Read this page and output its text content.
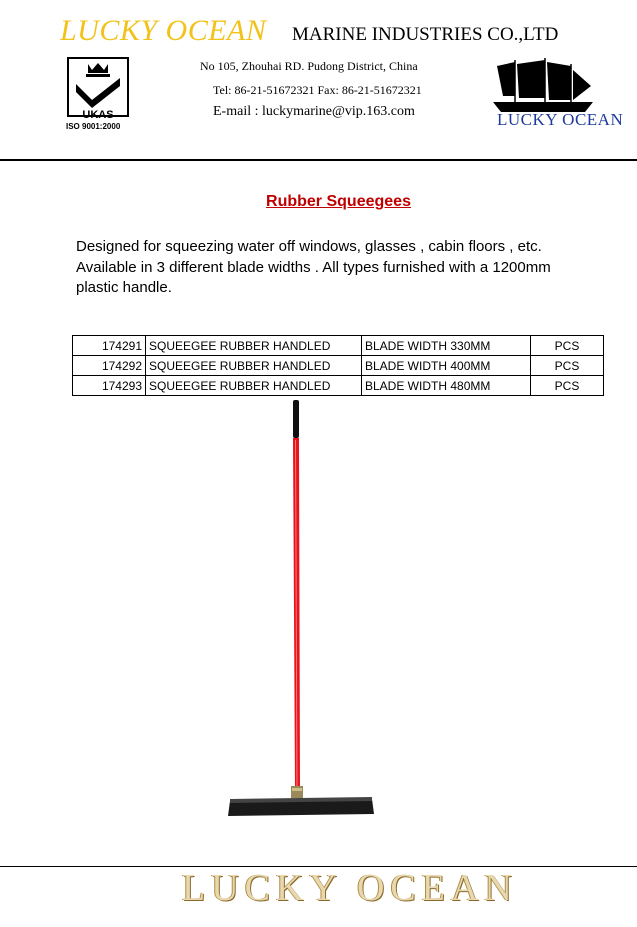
LUCKY OCEAN MARINE INDUSTRIES CO.,LTD
No 105, Zhouhai RD. Pudong District, China
Tel: 86-21-51672321 Fax: 86-21-51672321
E-mail : luckymarine@vip.163.com
UKAS
ISO 9001:2000	LUCKY OCEAN
Rubber Squeegees
Designed for squeezing water off windows, glasses , cabin floors , etc.
Available in 3 different blade widths . All types furnished with a 1200mm
plastic handle.
174291	SQUEEGEE RUBBER HANDLED	BLADE WIDTH 330MM	PCS
174292	SQUEEGEE RUBBER HANDLED	BLADE WIDTH 400MM	PCS
174293	SQUEEGEE RUBBER HANDLED	BLADE WIDTH 480MM	PCS
LUCKY OCEAN
